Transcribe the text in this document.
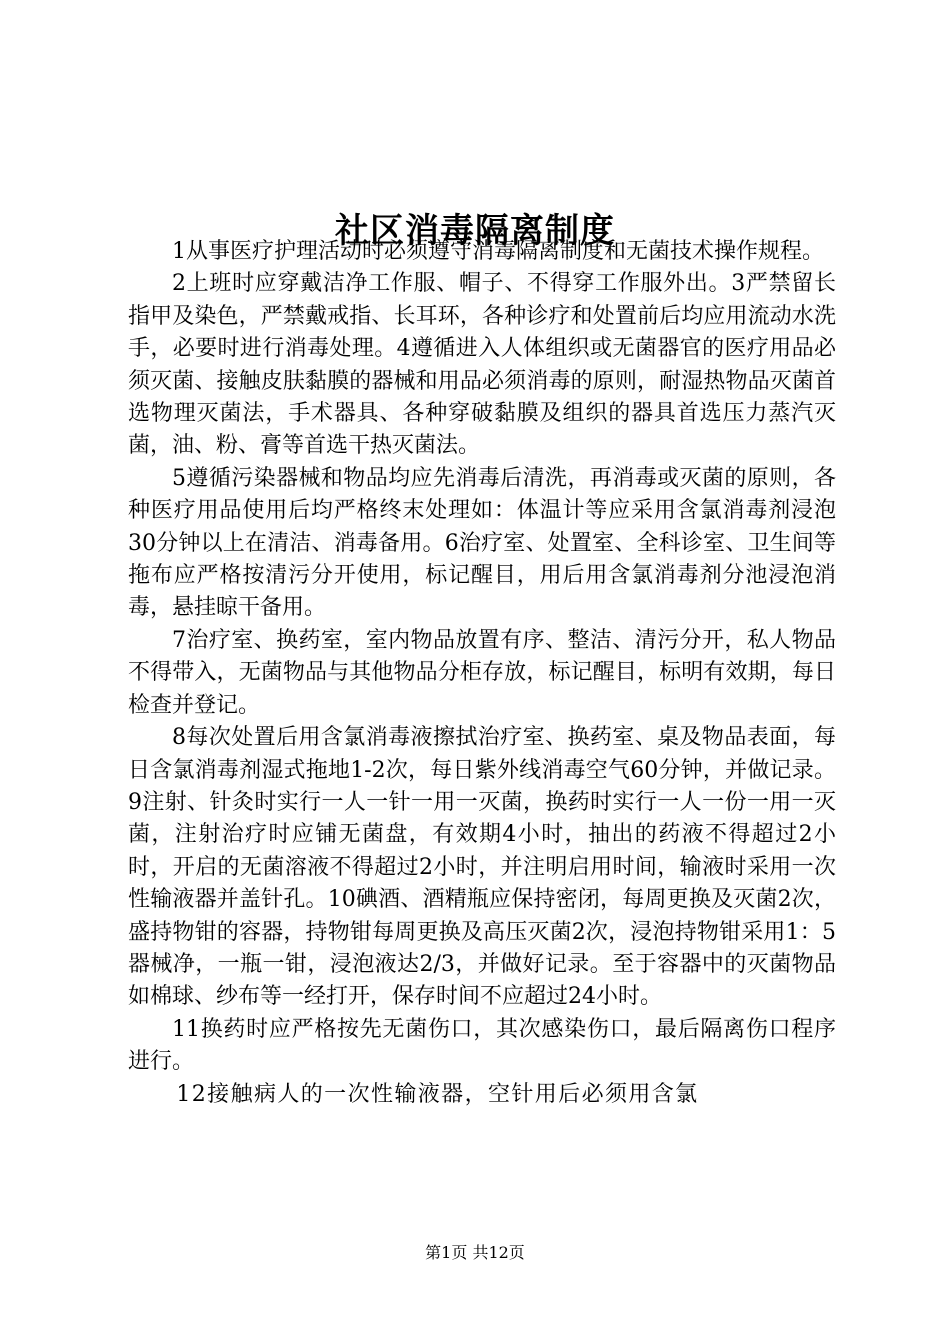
社区消毒隔离制度

1从事医疗护理活动时必须遵守消毒隔离制度和无菌技术操作规程。

2上班时应穿戴洁净工作服、帽子、不得穿工作服外出。3严禁留长指甲及染色，严禁戴戒指、长耳环，各种诊疗和处置前后均应用流动水洗手，必要时进行消毒处理。4遵循进入人体组织或无菌器官的医疗用品必须灭菌、接触皮肤黏膜的器械和用品必须消毒的原则，耐湿热物品灭菌首选物理灭菌法，手术器具、各种穿破黏膜及组织的器具首选压力蒸汽灭菌，油、粉、膏等首选干热灭菌法。

5遵循污染器械和物品均应先消毒后清洗，再消毒或灭菌的原则，各种医疗用品使用后均严格终末处理如：体温计等应采用含氯消毒剂浸泡30分钟以上在清洁、消毒备用。6治疗室、处置室、全科诊室、卫生间等拖布应严格按清污分开使用，标记醒目，用后用含氯消毒剂分池浸泡消毒，悬挂晾干备用。

7治疗室、换药室，室内物品放置有序、整洁、清污分开，私人物品不得带入，无菌物品与其他物品分柜存放，标记醒目，标明有效期，每日检查并登记。

8每次处置后用含氯消毒液擦拭治疗室、换药室、桌及物品表面，每日含氯消毒剂湿式拖地1-2次，每日紫外线消毒空气60分钟，并做记录。9注射、针灸时实行一人一针一用一灭菌，换药时实行一人一份一用一灭菌，注射治疗时应铺无菌盘，有效期4小时，抽出的药液不得超过2小时，开启的无菌溶液不得超过2小时，并注明启用时间，输液时采用一次性输液器并盖针孔。10碘酒、酒精瓶应保持密闭，每周更换及灭菌2次，盛持物钳的容器，持物钳每周更换及高压灭菌2次，浸泡持物钳采用1：5器械净，一瓶一钳，浸泡液达2/3，并做好记录。至于容器中的灭菌物品如棉球、纱布等一经打开，保存时间不应超过24小时。

11换药时应严格按先无菌伤口，其次感染伤口，最后隔离伤口程序进行。

12接触病人的一次性输液器，空针用后必须用含氯

第1页 共12页
